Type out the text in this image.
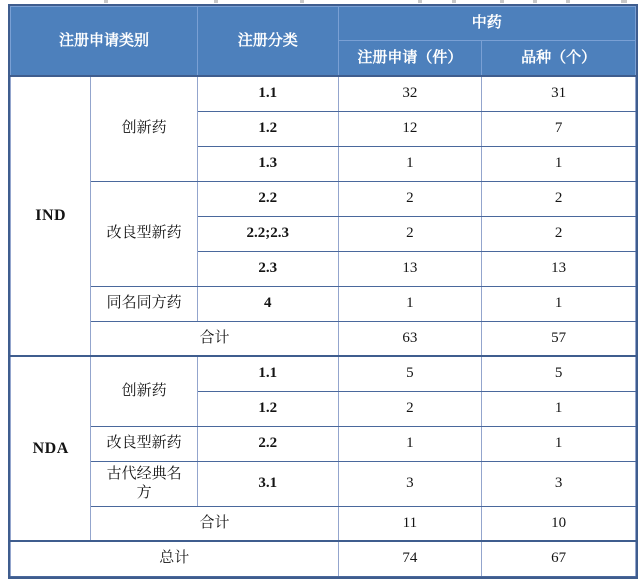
注册申请类别		注册分类	中药	
			注册申请（件）	品种（个）
IND	创新药	1.1	32	31
		1.2	12	7
		1.3	1	1
	改良型新药	2.2	2	2
		2.2;2.3	2	2
		2.3	13	13
	同名同方药	4	1	1
	合计		63	57
NDA	创新药	1.1	5	5
		1.2	2	1
	改良型新药	2.2	1	1
	古代经典名方	3.1	3	3
	合计		11	10
总计			74	67
